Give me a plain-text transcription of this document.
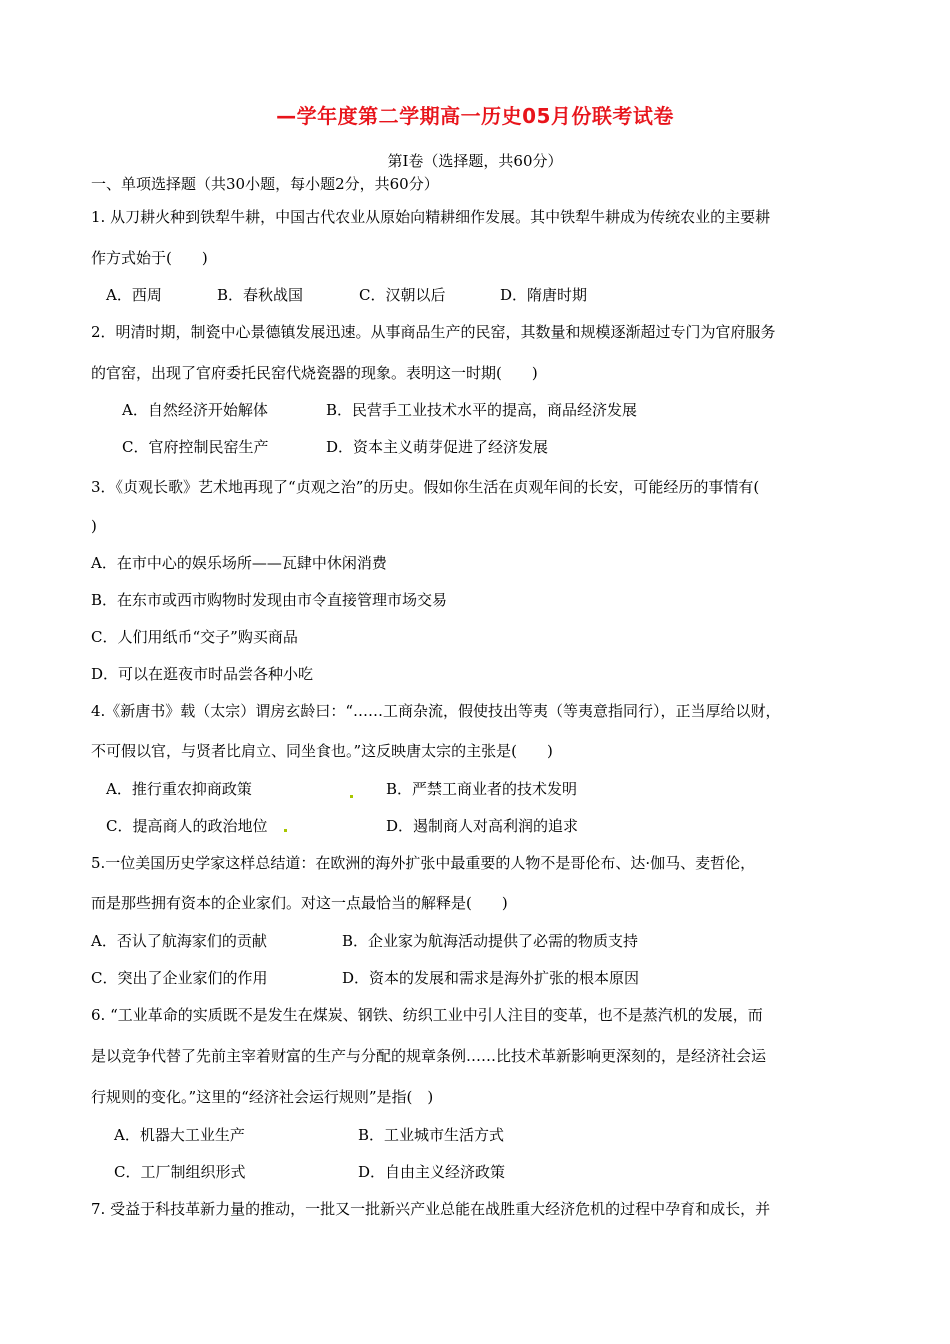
—学年度第二学期高一历史05月份联考试卷
第Ⅰ卷（选择题，共60分）
一、单项选择题（共30小题，每小题2分，共60分）
1. 从刀耕火种到铁犁牛耕，中国古代农业从原始向精耕细作发展。其中铁犁牛耕成为传统农业的主要耕
作方式始于(　　)
A．西周	B．春秋战国	C．汉朝以后	D．隋唐时期
2．明清时期，制瓷中心景德镇发展迅速。从事商品生产的民窑，其数量和规模逐渐超过专门为官府服务
的官窑，出现了官府委托民窑代烧瓷器的现象。表明这一时期(　　)
A．自然经济开始解体	B．民营手工业技术水平的提高，商品经济发展
C．官府控制民窑生产	D．资本主义萌芽促进了经济发展
3．《贞观长歌》艺术地再现了“贞观之治”的历史。假如你生活在贞观年间的长安，可能经历的事情有(
)
A．在市中心的娱乐场所——瓦肆中休闲消费
B．在东市或西市购物时发现由市令直接管理市场交易
C．人们用纸币“交子”购买商品
D．可以在逛夜市时品尝各种小吃
4.《新唐书》载（太宗）谓房玄龄曰：“……工商杂流，假使技出等夷（等夷意指同行），正当厚给以财，
不可假以官，与贤者比肩立、同坐食也。”这反映唐太宗的主张是(　　)
A．推行重农抑商政策	B．严禁工商业者的技术发明
C．提高商人的政治地位	D．遏制商人对高利润的追求
5.一位美国历史学家这样总结道：在欧洲的海外扩张中最重要的人物不是哥伦布、达·伽马、麦哲伦，
而是那些拥有资本的企业家们。对这一点最恰当的解释是(　　)
A．否认了航海家们的贡献	B．企业家为航海活动提供了必需的物质支持
C．突出了企业家们的作用	D．资本的发展和需求是海外扩张的根本原因
6. “工业革命的实质既不是发生在煤炭、钢铁、纺织工业中引人注目的变革，也不是蒸汽机的发展，而
是以竞争代替了先前主宰着财富的生产与分配的规章条例……比技术革新影响更深刻的，是经济社会运
行规则的变化。”这里的“经济社会运行规则”是指(　)
A．机器大工业生产	B．工业城市生活方式
C．工厂制组织形式	D．自由主义经济政策
7. 受益于科技革新力量的推动，一批又一批新兴产业总能在战胜重大经济危机的过程中孕育和成长，并
